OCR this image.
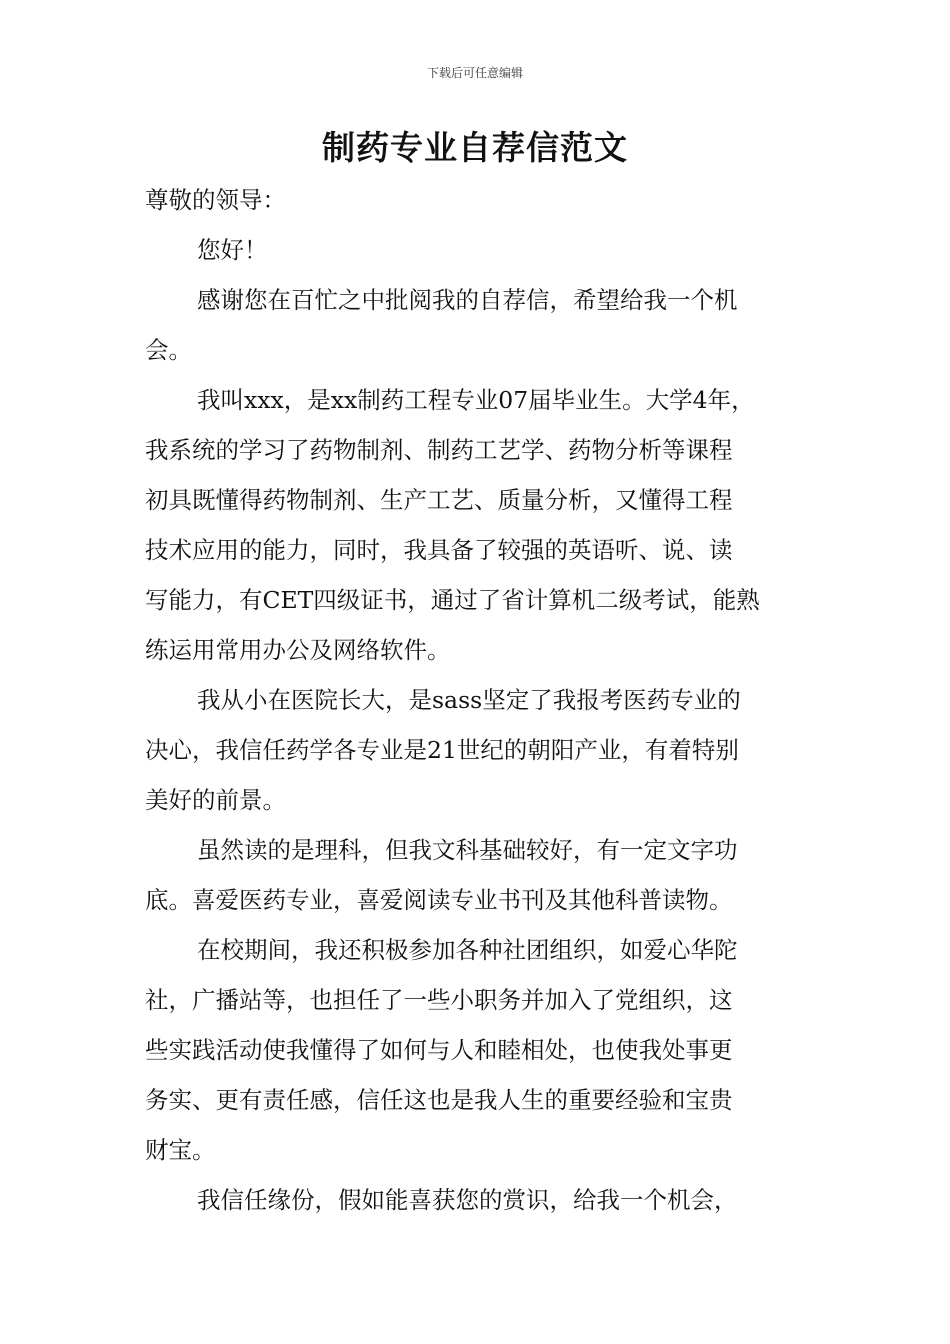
下载后可任意编辑
制药专业自荐信范文
尊敬的领导：
您好！
感谢您在百忙之中批阅我的自荐信，希望给我一个机
会。
我叫xxx，是xx制药工程专业07届毕业生。大学4年，
我系统的学习了药物制剂、制药工艺学、药物分析等课程
初具既懂得药物制剂、生产工艺、质量分析，又懂得工程
技术应用的能力，同时，我具备了较强的英语听、说、读
写能力，有CET四级证书，通过了省计算机二级考试，能熟
练运用常用办公及网络软件。
我从小在医院长大，是sass坚定了我报考医药专业的
决心，我信任药学各专业是21世纪的朝阳产业，有着特别
美好的前景。
虽然读的是理科，但我文科基础较好，有一定文字功
底。喜爱医药专业，喜爱阅读专业书刊及其他科普读物。
在校期间，我还积极参加各种社团组织，如爱心华陀
社，广播站等，也担任了一些小职务并加入了党组织，这
些实践活动使我懂得了如何与人和睦相处，也使我处事更
务实、更有责任感，信任这也是我人生的重要经验和宝贵
财宝。
我信任缘份，假如能喜获您的赏识，给我一个机会，
